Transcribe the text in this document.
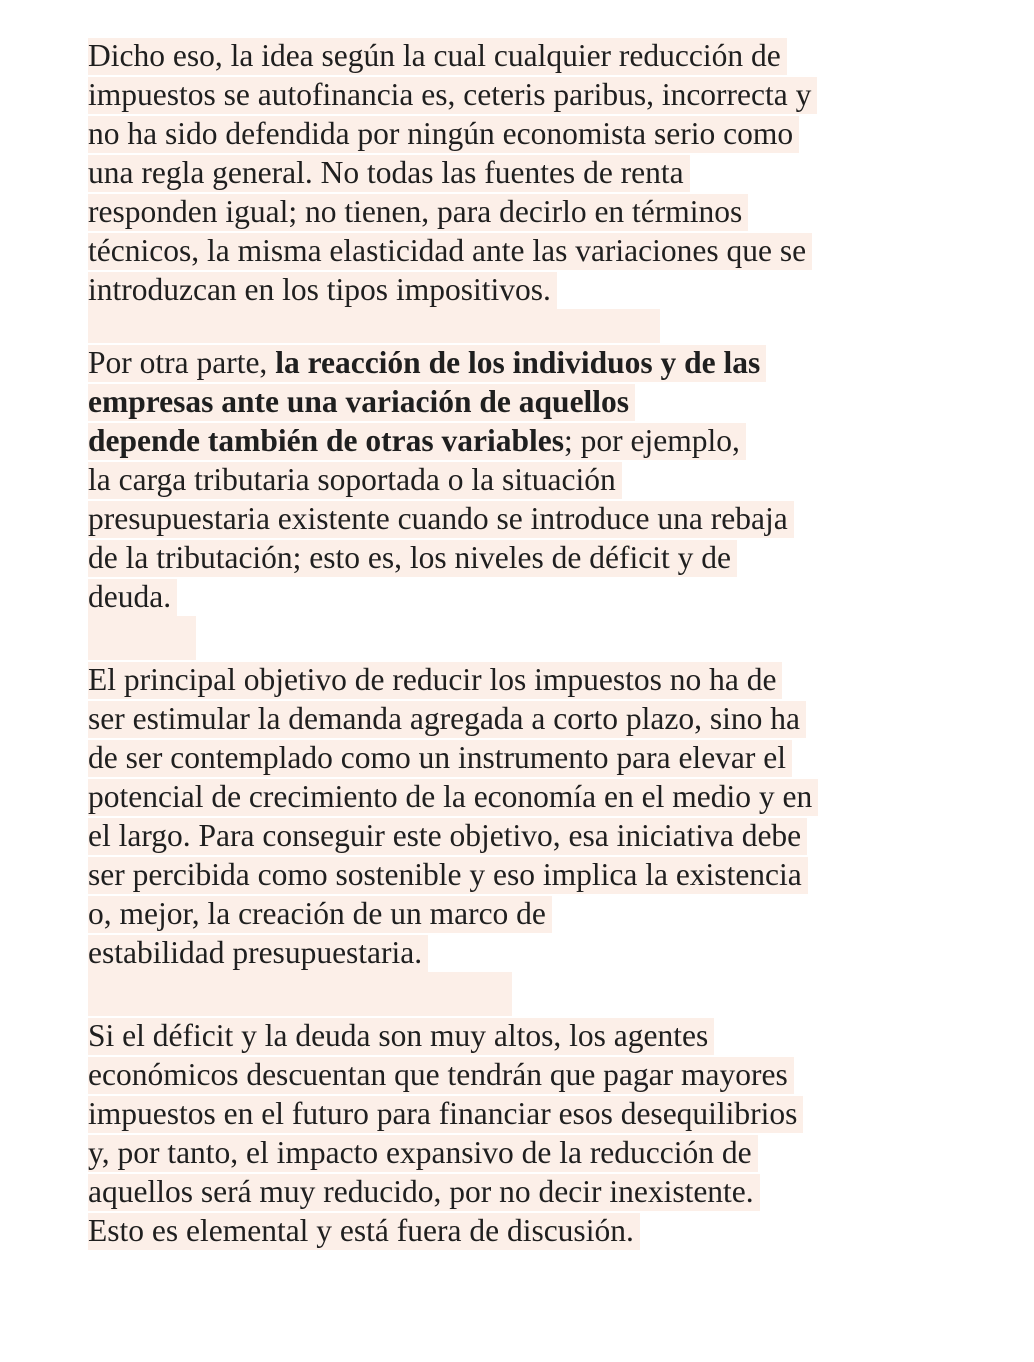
Dicho eso, la idea según la cual cualquier reducción de
impuestos se autofinancia es, ceteris paribus, incorrecta y
no ha sido defendida por ningún economista serio como
una regla general. No todas las fuentes de renta
responden igual; no tienen, para decirlo en términos
técnicos, la misma elasticidad ante las variaciones que se
introduzcan en los tipos impositivos.
Por otra parte, la reacción de los individuos y de las
empresas ante una variación de aquellos
depende también de otras variables; por ejemplo,
la carga tributaria soportada o la situación
presupuestaria existente cuando se introduce una rebaja
de la tributación; esto es, los niveles de déficit y de
deuda.
El principal objetivo de reducir los impuestos no ha de
ser estimular la demanda agregada a corto plazo, sino ha
de ser contemplado como un instrumento para elevar el
potencial de crecimiento de la economía en el medio y en
el largo. Para conseguir este objetivo, esa iniciativa debe
ser percibida como sostenible y eso implica la existencia
o, mejor, la creación de un marco de
estabilidad presupuestaria.
Si el déficit y la deuda son muy altos, los agentes
económicos descuentan que tendrán que pagar mayores
impuestos en el futuro para financiar esos desequilibrios
y, por tanto, el impacto expansivo de la reducción de
aquellos será muy reducido, por no decir inexistente.
Esto es elemental y está fuera de discusión.
